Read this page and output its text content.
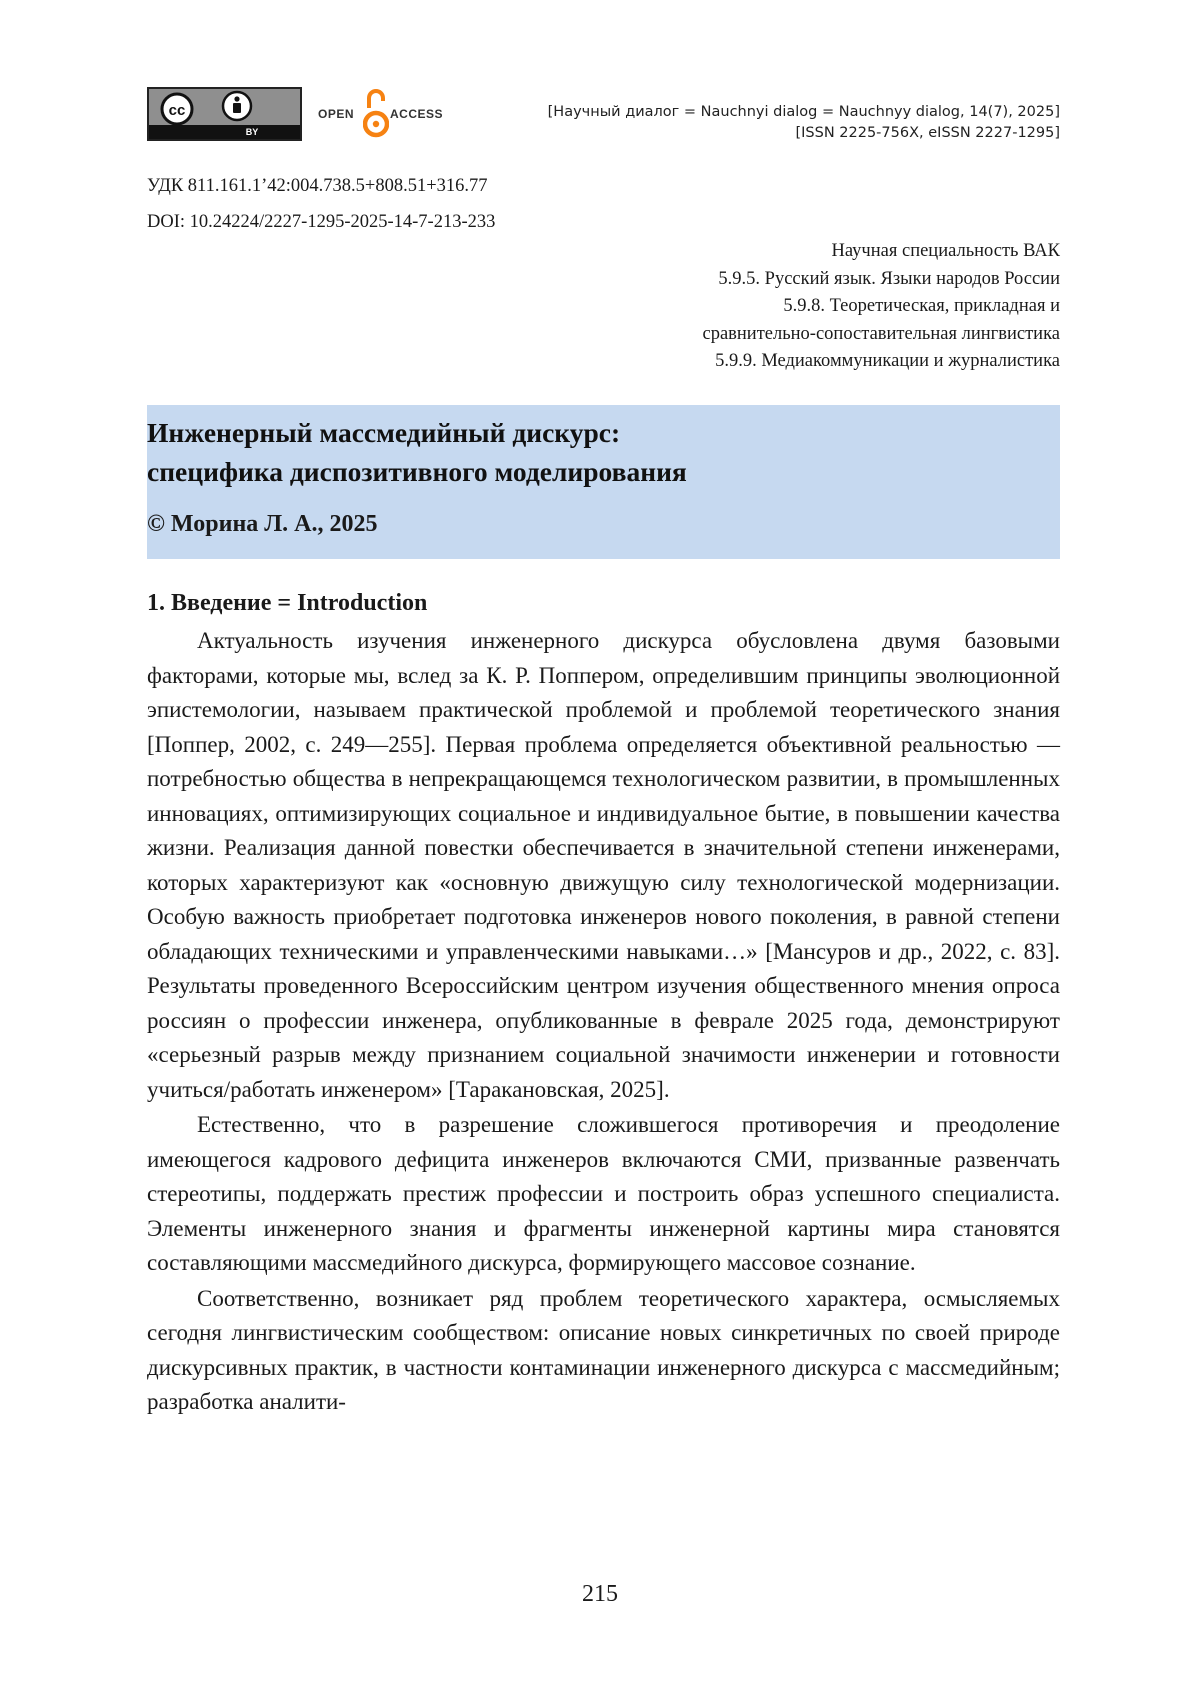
cc
BY
OPEN	ACCESS	[Научный диалог = Nauchnyi dialog = Nauchnyy dialog, 14(7), 2025]
[ISSN 2225-756X, eISSN 2227-1295]
УДК 811.161.1’42:004.738.5+808.51+316.77
DOI: 10.24224/2227-1295-2025-14-7-213-233
Научная специальность ВАК
5.9.5. Русский язык. Языки народов России
5.9.8. Теоретическая, прикладная и
сравнительно-сопоставительная лингвистика
5.9.9. Медиакоммуникации и журналистика
Инженерный массмедийный дискурс:
специфика диспозитивного моделирования
© Морина Л. А., 2025
1. Введение = Introduction

Актуальность изучения инженерного дискурса обусловлена двумя базовыми факторами, которые мы, вслед за К. Р. Поппером, определившим принципы эволюционной эпистемологии, называем практической проблемой и проблемой теоретического знания [Поппер, 2002, с. 249—255]. Первая проблема определяется объективной реальностью — потребностью общества в непрекращающемся технологическом развитии, в промышленных инновациях, оптимизирующих социальное и индивидуальное бытие, в повышении качества жизни. Реализация данной повестки обеспечивается в значительной степени инженерами, которых характеризуют как «основную движущую силу технологической модернизации. Особую важность приобретает подготовка инженеров нового поколения, в равной степени обладающих техническими и управленческими навыками…» [Мансуров и др., 2022, с. 83]. Результаты проведенного Всероссийским центром изучения общественного мнения опроса россиян о профессии инженера, опубликованные в феврале 2025 года, демонстрируют «серьезный разрыв между признанием социальной значимости инженерии и готовности учиться/работать инженером» [Таракановская, 2025].

Естественно, что в разрешение сложившегося противоречия и преодоление имеющегося кадрового дефицита инженеров включаются СМИ, призванные развенчать стереотипы, поддержать престиж профессии и построить образ успешного специалиста. Элементы инженерного знания и фрагменты инженерной картины мира становятся составляющими массмедийного дискурса, формирующего массовое сознание.

Соответственно, возникает ряд проблем теоретического характера, осмысляемых сегодня лингвистическим сообществом: описание новых синкретичных по своей природе дискурсивных практик, в частности контаминации инженерного дискурса с массмедийным; разработка аналити-

215
